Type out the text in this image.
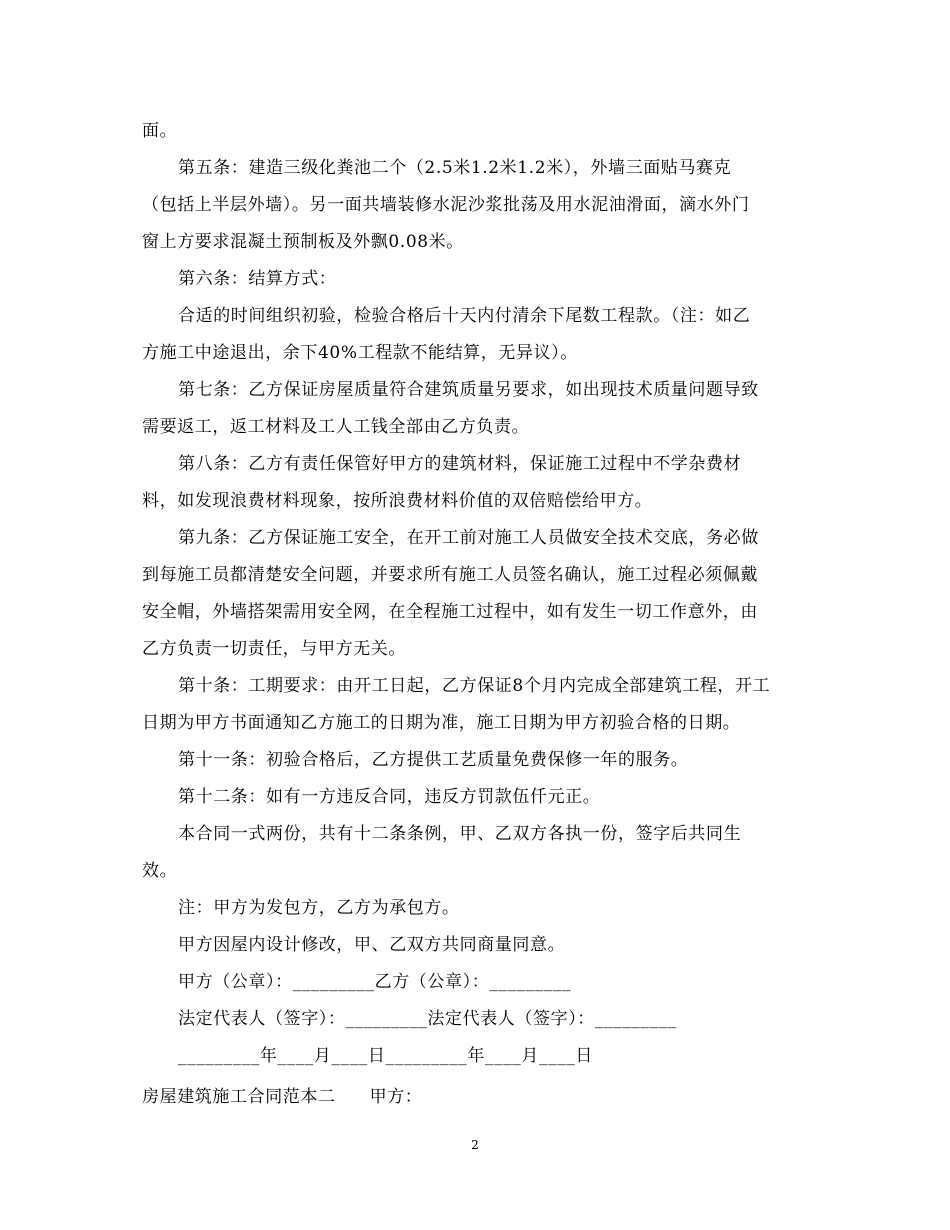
面。
第五条：建造三级化粪池二个（2.5米1.2米1.2米），外墙三面贴马赛克
（包括上半层外墙）。另一面共墙装修水泥沙浆批荡及用水泥油滑面，滴水外门
窗上方要求混凝土预制板及外飘0.08米。
第六条：结算方式：
合适的时间组织初验，检验合格后十天内付清余下尾数工程款。（注：如乙
方施工中途退出，余下40%工程款不能结算，无异议）。
第七条：乙方保证房屋质量符合建筑质量另要求，如出现技术质量问题导致
需要返工，返工材料及工人工钱全部由乙方负责。
第八条：乙方有责任保管好甲方的建筑材料，保证施工过程中不学杂费材
料，如发现浪费材料现象，按所浪费材料价值的双倍赔偿给甲方。
第九条：乙方保证施工安全，在开工前对施工人员做安全技术交底，务必做
到每施工员都清楚安全问题，并要求所有施工人员签名确认，施工过程必须佩戴
安全帽，外墙搭架需用安全网，在全程施工过程中，如有发生一切工作意外，由
乙方负责一切责任，与甲方无关。
第十条：工期要求：由开工日起，乙方保证8个月内完成全部建筑工程，开工
日期为甲方书面通知乙方施工的日期为准，施工日期为甲方初验合格的日期。
第十一条：初验合格后，乙方提供工艺质量免费保修一年的服务。
第十二条：如有一方违反合同，违反方罚款伍仟元正。
本合同一式两份，共有十二条条例，甲、乙双方各执一份，签字后共同生
效。
注：甲方为发包方，乙方为承包方。
甲方因屋内设计修改，甲、乙双方共同商量同意。
甲方（公章）：_________乙方（公章）：_________
法定代表人（签字）：_________法定代表人（签字）：_________
_________年____月____日_________年____月____日
房屋建筑施工合同范本二 甲方：
2
